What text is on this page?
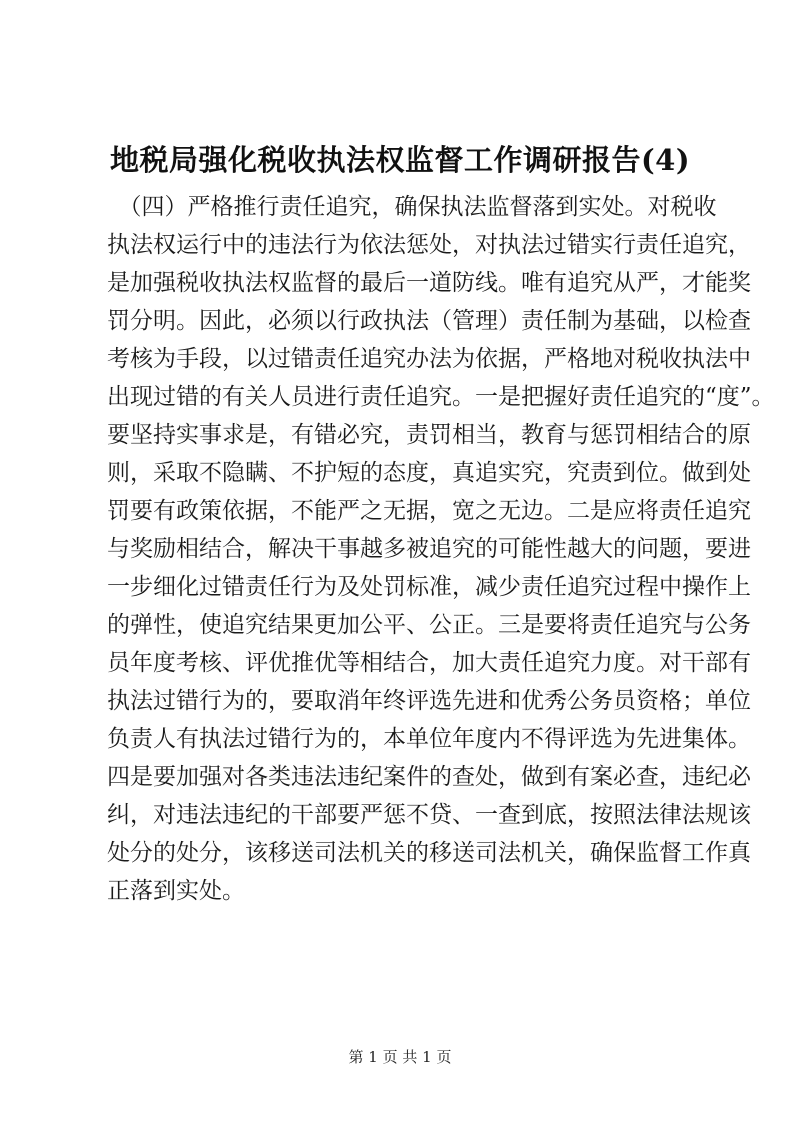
地税局强化税收执法权监督工作调研报告(4)
　（四）严格推行责任追究，确保执法监督落到实处。对税收
执法权运行中的违法行为依法惩处，对执法过错实行责任追究，
是加强税收执法权监督的最后一道防线。唯有追究从严，才能奖
罚分明。因此，必须以行政执法（管理）责任制为基础，以检查
考核为手段，以过错责任追究办法为依据，严格地对税收执法中
出现过错的有关人员进行责任追究。一是把握好责任追究的“度”。
要坚持实事求是，有错必究，责罚相当，教育与惩罚相结合的原
则，采取不隐瞒、不护短的态度，真追实究，究责到位。做到处
罚要有政策依据，不能严之无据，宽之无边。二是应将责任追究
与奖励相结合，解决干事越多被追究的可能性越大的问题，要进
一步细化过错责任行为及处罚标准，减少责任追究过程中操作上
的弹性，使追究结果更加公平、公正。三是要将责任追究与公务
员年度考核、评优推优等相结合，加大责任追究力度。对干部有
执法过错行为的，要取消年终评选先进和优秀公务员资格；单位
负责人有执法过错行为的，本单位年度内不得评选为先进集体。
四是要加强对各类违法违纪案件的查处，做到有案必查，违纪必
纠，对违法违纪的干部要严惩不贷、一查到底，按照法律法规该
处分的处分，该移送司法机关的移送司法机关，确保监督工作真
正落到实处。
第 1 页 共 1 页
